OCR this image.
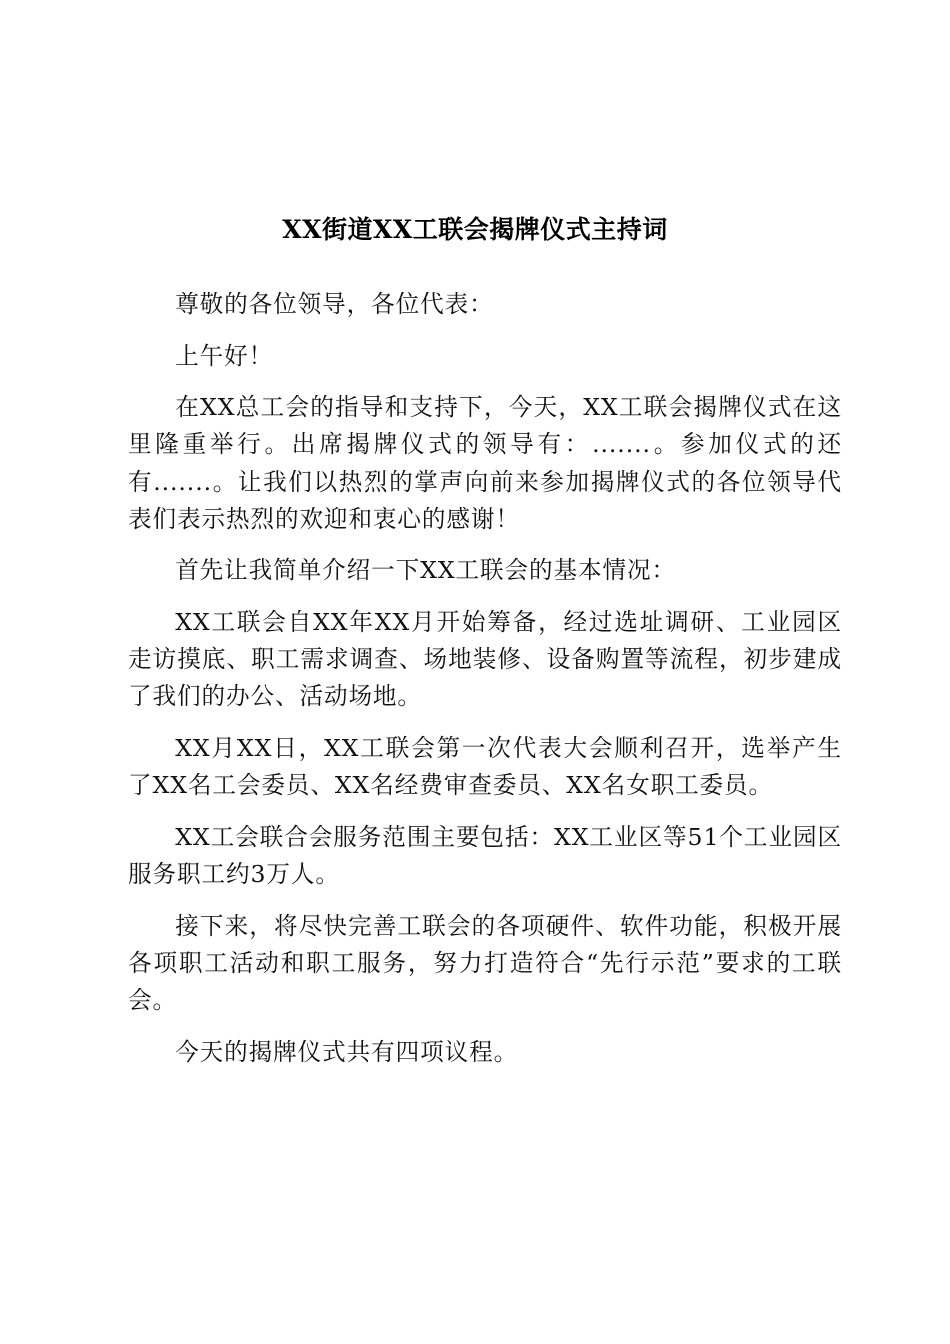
XX街道XX工联会揭牌仪式主持词

尊敬的各位领导，各位代表：

上午好！

在XX总工会的指导和支持下，今天，XX工联会揭牌仪式在这里隆重举行。出席揭牌仪式的领导有：.......。参加仪式的还有.......。让我们以热烈的掌声向前来参加揭牌仪式的各位领导代表们表示热烈的欢迎和衷心的感谢！

首先让我简单介绍一下XX工联会的基本情况：

XX工联会自XX年XX月开始筹备，经过选址调研、工业园区走访摸底、职工需求调查、场地装修、设备购置等流程，初步建成了我们的办公、活动场地。

XX月XX日，XX工联会第一次代表大会顺利召开，选举产生了XX名工会委员、XX名经费审查委员、XX名女职工委员。

XX工会联合会服务范围主要包括：XX工业区等51个工业园区服务职工约3万人。

接下来，将尽快完善工联会的各项硬件、软件功能，积极开展各项职工活动和职工服务，努力打造符合“先行示范”要求的工联会。

今天的揭牌仪式共有四项议程。
